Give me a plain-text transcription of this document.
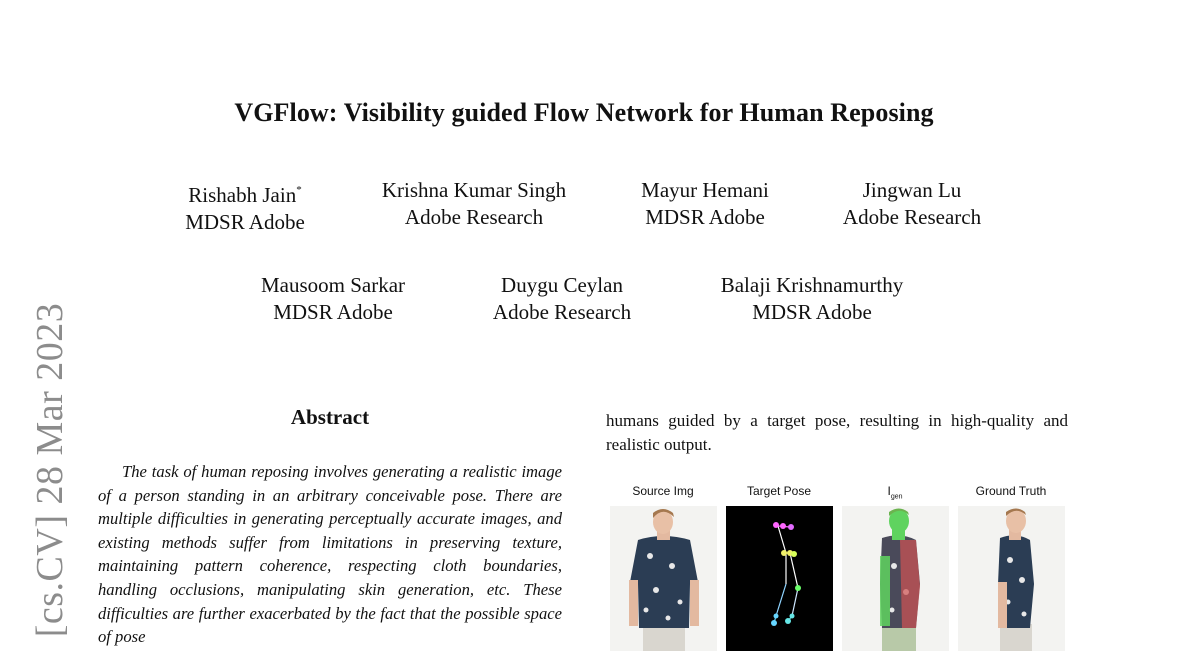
VGFlow: Visibility guided Flow Network for Human Reposing
Rishabh Jain*
MDSR Adobe
Krishna Kumar Singh
Adobe Research
Mayur Hemani
MDSR Adobe
Jingwan Lu
Adobe Research
Mausoom Sarkar
MDSR Adobe
Duygu Ceylan
Adobe Research
Balaji Krishnamurthy
MDSR Adobe
[cs.CV] 28 Mar 2023	Abstract

The task of human reposing involves generating a realistic image of a person standing in an arbitrary conceivable pose. There are multiple difficulties in generating perceptually accurate images, and existing methods suffer from limitations in preserving texture, maintaining pattern coherence, respecting cloth boundaries, handling occlusions, manipulating skin generation, etc. These difficulties are further exacerbated by the fact that the possible space of pose

humans guided by a target pose, resulting in high-quality and realistic output.

Source Img	Target Pose	$I_{gen}$	Ground Truth
